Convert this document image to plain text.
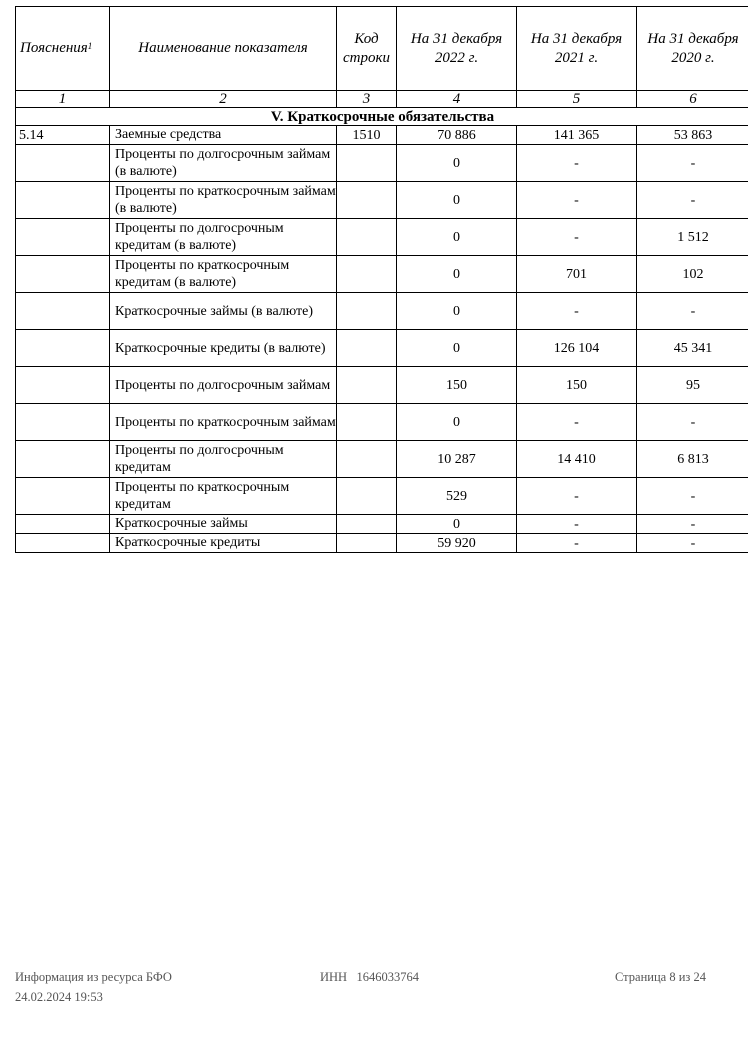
Пояснения$^1$	Наименование показателя	Код строки	На 31 декабря 2022 г.	На 31 декабря 2021 г.	На 31 декабря 2020 г.
1	2	3	4	5	6
V. Краткосрочные обязательства					
5.14	Заемные средства	1510	70 886	141 365	53 863
	Проценты по долгосрочным займам (в валюте)		0	-	-
	Проценты по краткосрочным займам (в валюте)		0	-	-
	Проценты по долгосрочным кредитам (в валюте)		0	-	1 512
	Проценты по краткосрочным кредитам (в валюте)		0	701	102
	Краткосрочные займы (в валюте)		0	-	-
	Краткосрочные кредиты (в валюте)		0	126 104	45 341
	Проценты по долгосрочным займам		150	150	95
	Проценты по краткосрочным займам		0	-	-
	Проценты по долгосрочным кредитам		10 287	14 410	6 813
	Проценты по краткосрочным кредитам		529	-	-
	Краткосрочные займы		0	-	-
	Краткосрочные кредиты		59 920	-	-
Информация из ресурса БФО
24.02.2024 19:53
ИНН   1646033764	Страница 8 из 24
